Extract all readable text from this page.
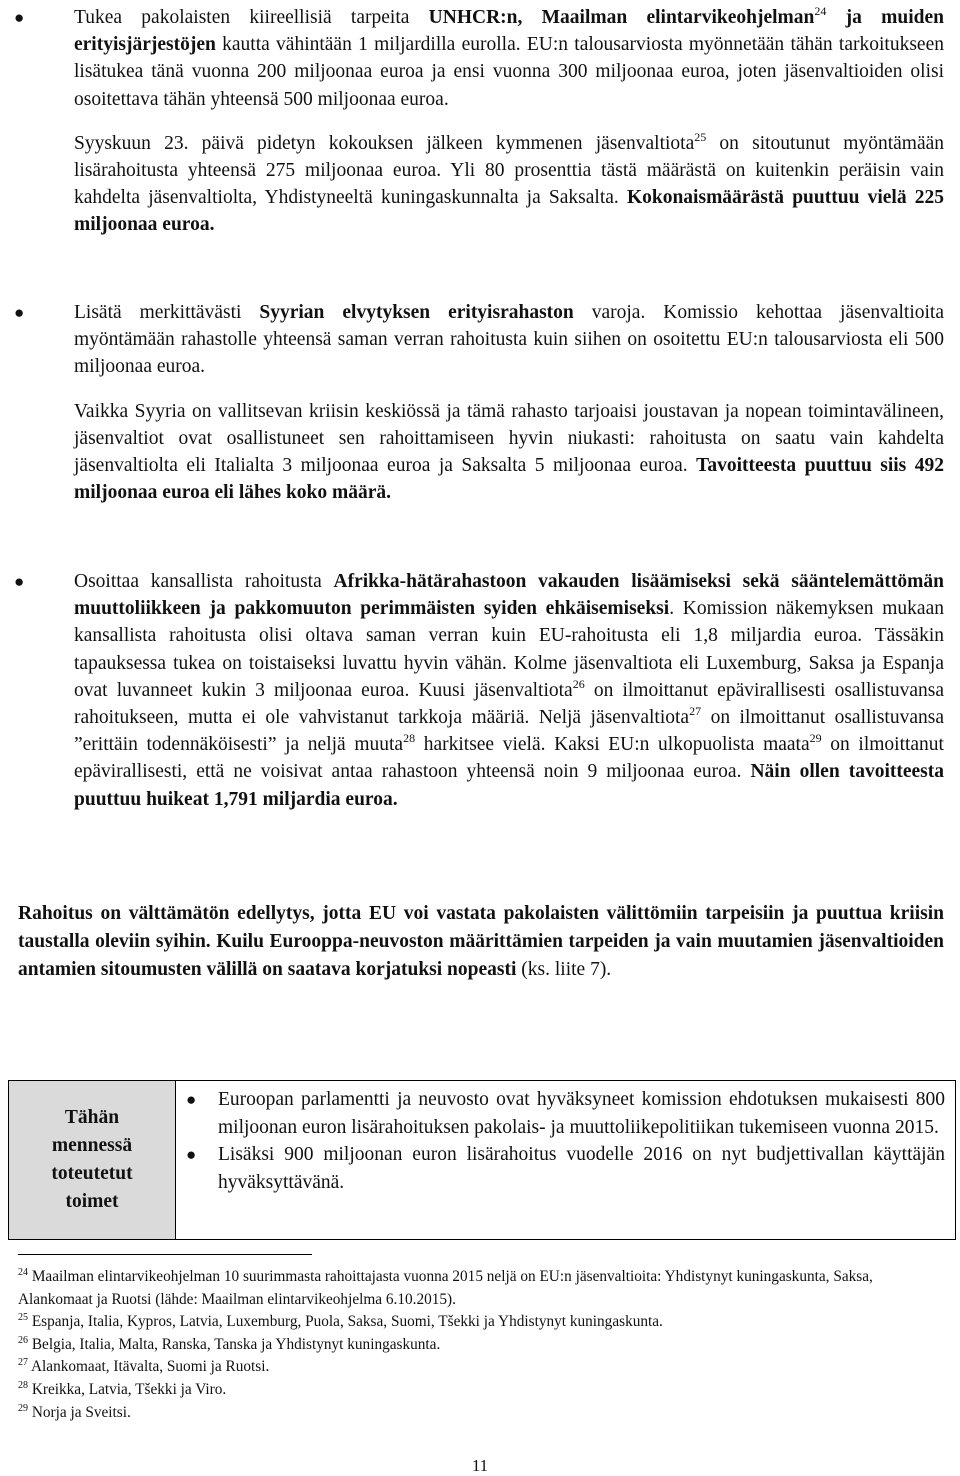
●	Tukea pakolaisten kiireellisiä tarpeita UNHCR:n, Maailman elintarvikeohjelman$^{24}$ ja muiden erityisjärjestöjen kautta vähintään 1 miljardilla eurolla. EU:n talousarviosta myönnetään tähän tarkoitukseen lisätukea tänä vuonna 200 miljoonaa euroa ja ensi vuonna 300 miljoonaa euroa, joten jäsenvaltioiden olisi osoitettava tähän yhteensä 500 miljoonaa euroa.

Syyskuun 23. päivä pidetyn kokouksen jälkeen kymmenen jäsenvaltiota$^{25}$ on sitoutunut myöntämään lisärahoitusta yhteensä 275 miljoonaa euroa. Yli 80 prosenttia tästä määrästä on kuitenkin peräisin vain kahdelta jäsenvaltiolta, Yhdistyneeltä kuningaskunnalta ja Saksalta. Kokonaismäärästä puuttuu vielä 225 miljoonaa euroa.

●	Lisätä merkittävästi Syyrian elvytyksen erityisrahaston varoja. Komissio kehottaa jäsenvaltioita myöntämään rahastolle yhteensä saman verran rahoitusta kuin siihen on osoitettu EU:n talousarviosta eli 500 miljoonaa euroa.

Vaikka Syyria on vallitsevan kriisin keskiössä ja tämä rahasto tarjoaisi joustavan ja nopean toimintavälineen, jäsenvaltiot ovat osallistuneet sen rahoittamiseen hyvin niukasti: rahoitusta on saatu vain kahdelta jäsenvaltiolta eli Italialta 3 miljoonaa euroa ja Saksalta 5 miljoonaa euroa. Tavoitteesta puuttuu siis 492 miljoonaa euroa eli lähes koko määrä.

●	Osoittaa kansallista rahoitusta Afrikka-hätärahastoon vakauden lisäämiseksi sekä sääntelemättömän muuttoliikkeen ja pakkomuuton perimmäisten syiden ehkäisemiseksi. Komission näkemyksen mukaan kansallista rahoitusta olisi oltava saman verran kuin EU-rahoitusta eli 1,8 miljardia euroa. Tässäkin tapauksessa tukea on toistaiseksi luvattu hyvin vähän. Kolme jäsenvaltiota eli Luxemburg, Saksa ja Espanja ovat luvanneet kukin 3 miljoonaa euroa. Kuusi jäsenvaltiota$^{26}$ on ilmoittanut epävirallisesti osallistuvansa rahoitukseen, mutta ei ole vahvistanut tarkkoja määriä. Neljä jäsenvaltiota$^{27}$ on ilmoittanut osallistuvansa ”erittäin todennäköisesti” ja neljä muuta$^{28}$ harkitsee vielä. Kaksi EU:n ulkopuolista maata$^{29}$ on ilmoittanut epävirallisesti, että ne voisivat antaa rahastoon yhteensä noin 9 miljoonaa euroa. Näin ollen tavoitteesta puuttuu huikeat 1,791 miljardia euroa.

Rahoitus on välttämätön edellytys, jotta EU voi vastata pakolaisten välittömiin tarpeisiin ja puuttua kriisin taustalla oleviin syihin. Kuilu Eurooppa-neuvoston määrittämien tarpeiden ja vain muutamien jäsenvaltioiden antamien sitoumusten välillä on saatava korjatuksi nopeasti (ks. liite 7).
Tähän mennessä toteutetut toimet
● Euroopan parlamentti ja neuvosto ovat hyväksyneet komission ehdotuksen mukaisesti 800 miljoonan euron lisärahoituksen pakolais- ja muuttoliikepolitiikan tukemiseen vuonna 2015.
● Lisäksi 900 miljoonan euron lisärahoitus vuodelle 2016 on nyt budjettivallan käyttäjän hyväksyttävänä.

$^{24}$ Maailman elintarvikeohjelman 10 suurimmasta rahoittajasta vuonna 2015 neljä on EU:n jäsenvaltioita: Yhdistynyt kuningaskunta, Saksa, Alankomaat ja Ruotsi (lähde: Maailman elintarvikeohjelma 6.10.2015).

$^{25}$ Espanja, Italia, Kypros, Latvia, Luxemburg, Puola, Saksa, Suomi, Tšekki ja Yhdistynyt kuningaskunta.

$^{26}$ Belgia, Italia, Malta, Ranska, Tanska ja Yhdistynyt kuningaskunta.

$^{27}$ Alankomaat, Itävalta, Suomi ja Ruotsi.

$^{28}$ Kreikka, Latvia, Tšekki ja Viro.

$^{29}$ Norja ja Sveitsi.

11
